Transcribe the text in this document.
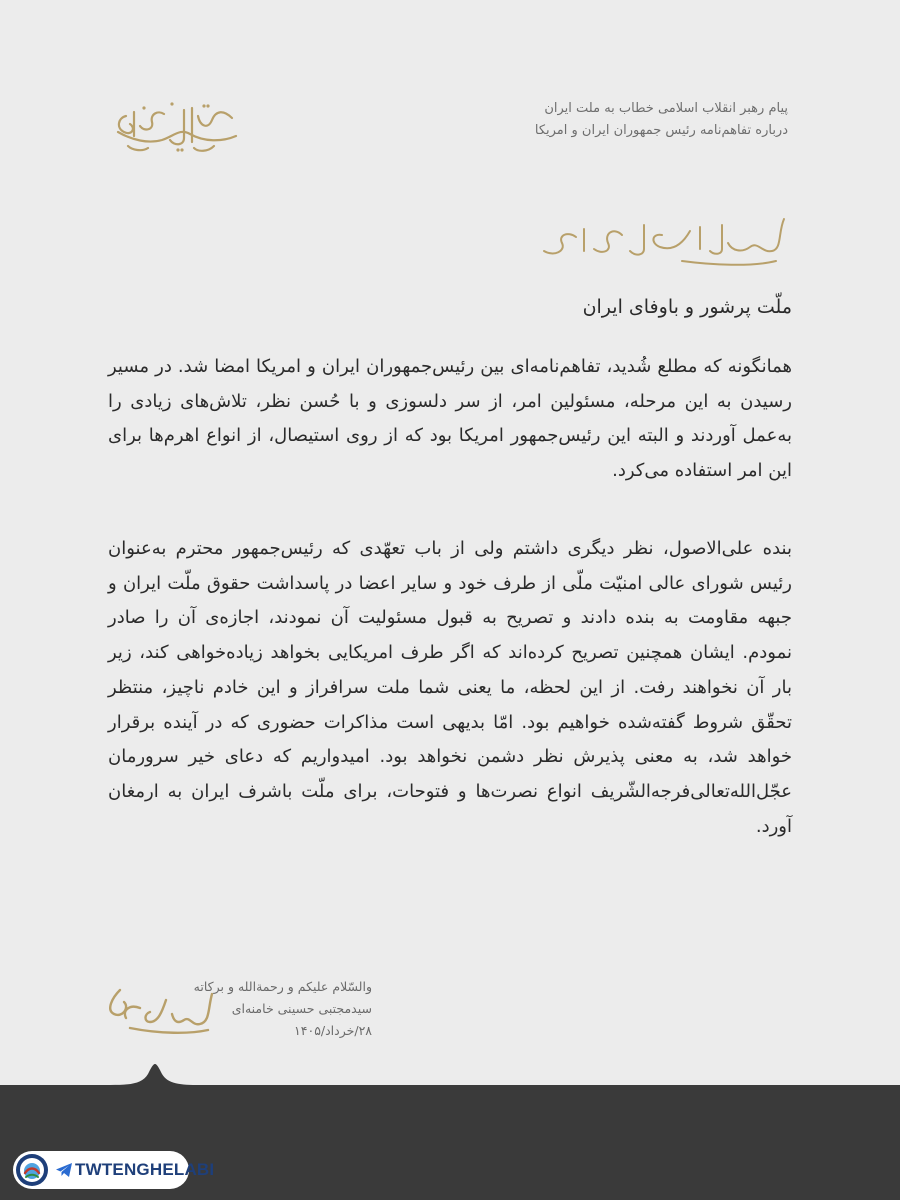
پیام رهبر انقلاب اسلامی خطاب به ملت ایران
درباره تفاهم‌نامه رئیس جمهوران ایران و امریکا
ملّت پرشور و باوفای ایران

همانگونه که مطلع شُدید، تفاهم‌نامه‌ای بین رئیس‌جمهوران ایران و امریکا امضا شد. در مسیر رسیدن به این مرحله، مسئولین امر، از سر دلسوزی و با حُسن نظر، تلاش‌های زیادی را به‌عمل آوردند و البته این رئیس‌جمهور امریکا بود که از روی استیصال، از انواع اهرم‌ها برای این امر استفاده می‌کرد.

بنده علی‌الاصول، نظر دیگری داشتم ولی از باب تعهّدی که رئیس‌جمهور محترم به‌عنوان رئیس شورای عالی امنیّت ملّی از طرف خود و سایر اعضا در پاسداشت حقوق ملّت ایران و جبهه مقاومت به بنده دادند و تصریح به قبول مسئولیت آن نمودند، اجازه‌ی آن را صادر نمودم. ایشان همچنین تصریح کرده‌اند که اگر طرف امریکایی بخواهد زیاده‌خواهی کند، زیر بار آن نخواهند رفت. از این لحظه، ما یعنی شما ملت سرافراز و این خادم ناچیز، منتظر تحقّق شروط گفته‌شده خواهیم بود. امّا بدیهی است مذاکرات حضوری که در آینده برقرار خواهد شد، به معنی پذیرش نظر دشمن نخواهد بود. امیدواریم که دعای خیر سرورمان عجّل‌الله‌تعالی‌فرجه‌الشّریف انواع نصرت‌ها و فتوحات، برای ملّت باشرف ایران به ارمغان آورد.

والسّلام علیکم و رحمة‌الله و برکاته
سیدمجتبی حسینی خامنه‌ای
۲۸/خرداد/۱۴۰۵
TWTENGHELABI
